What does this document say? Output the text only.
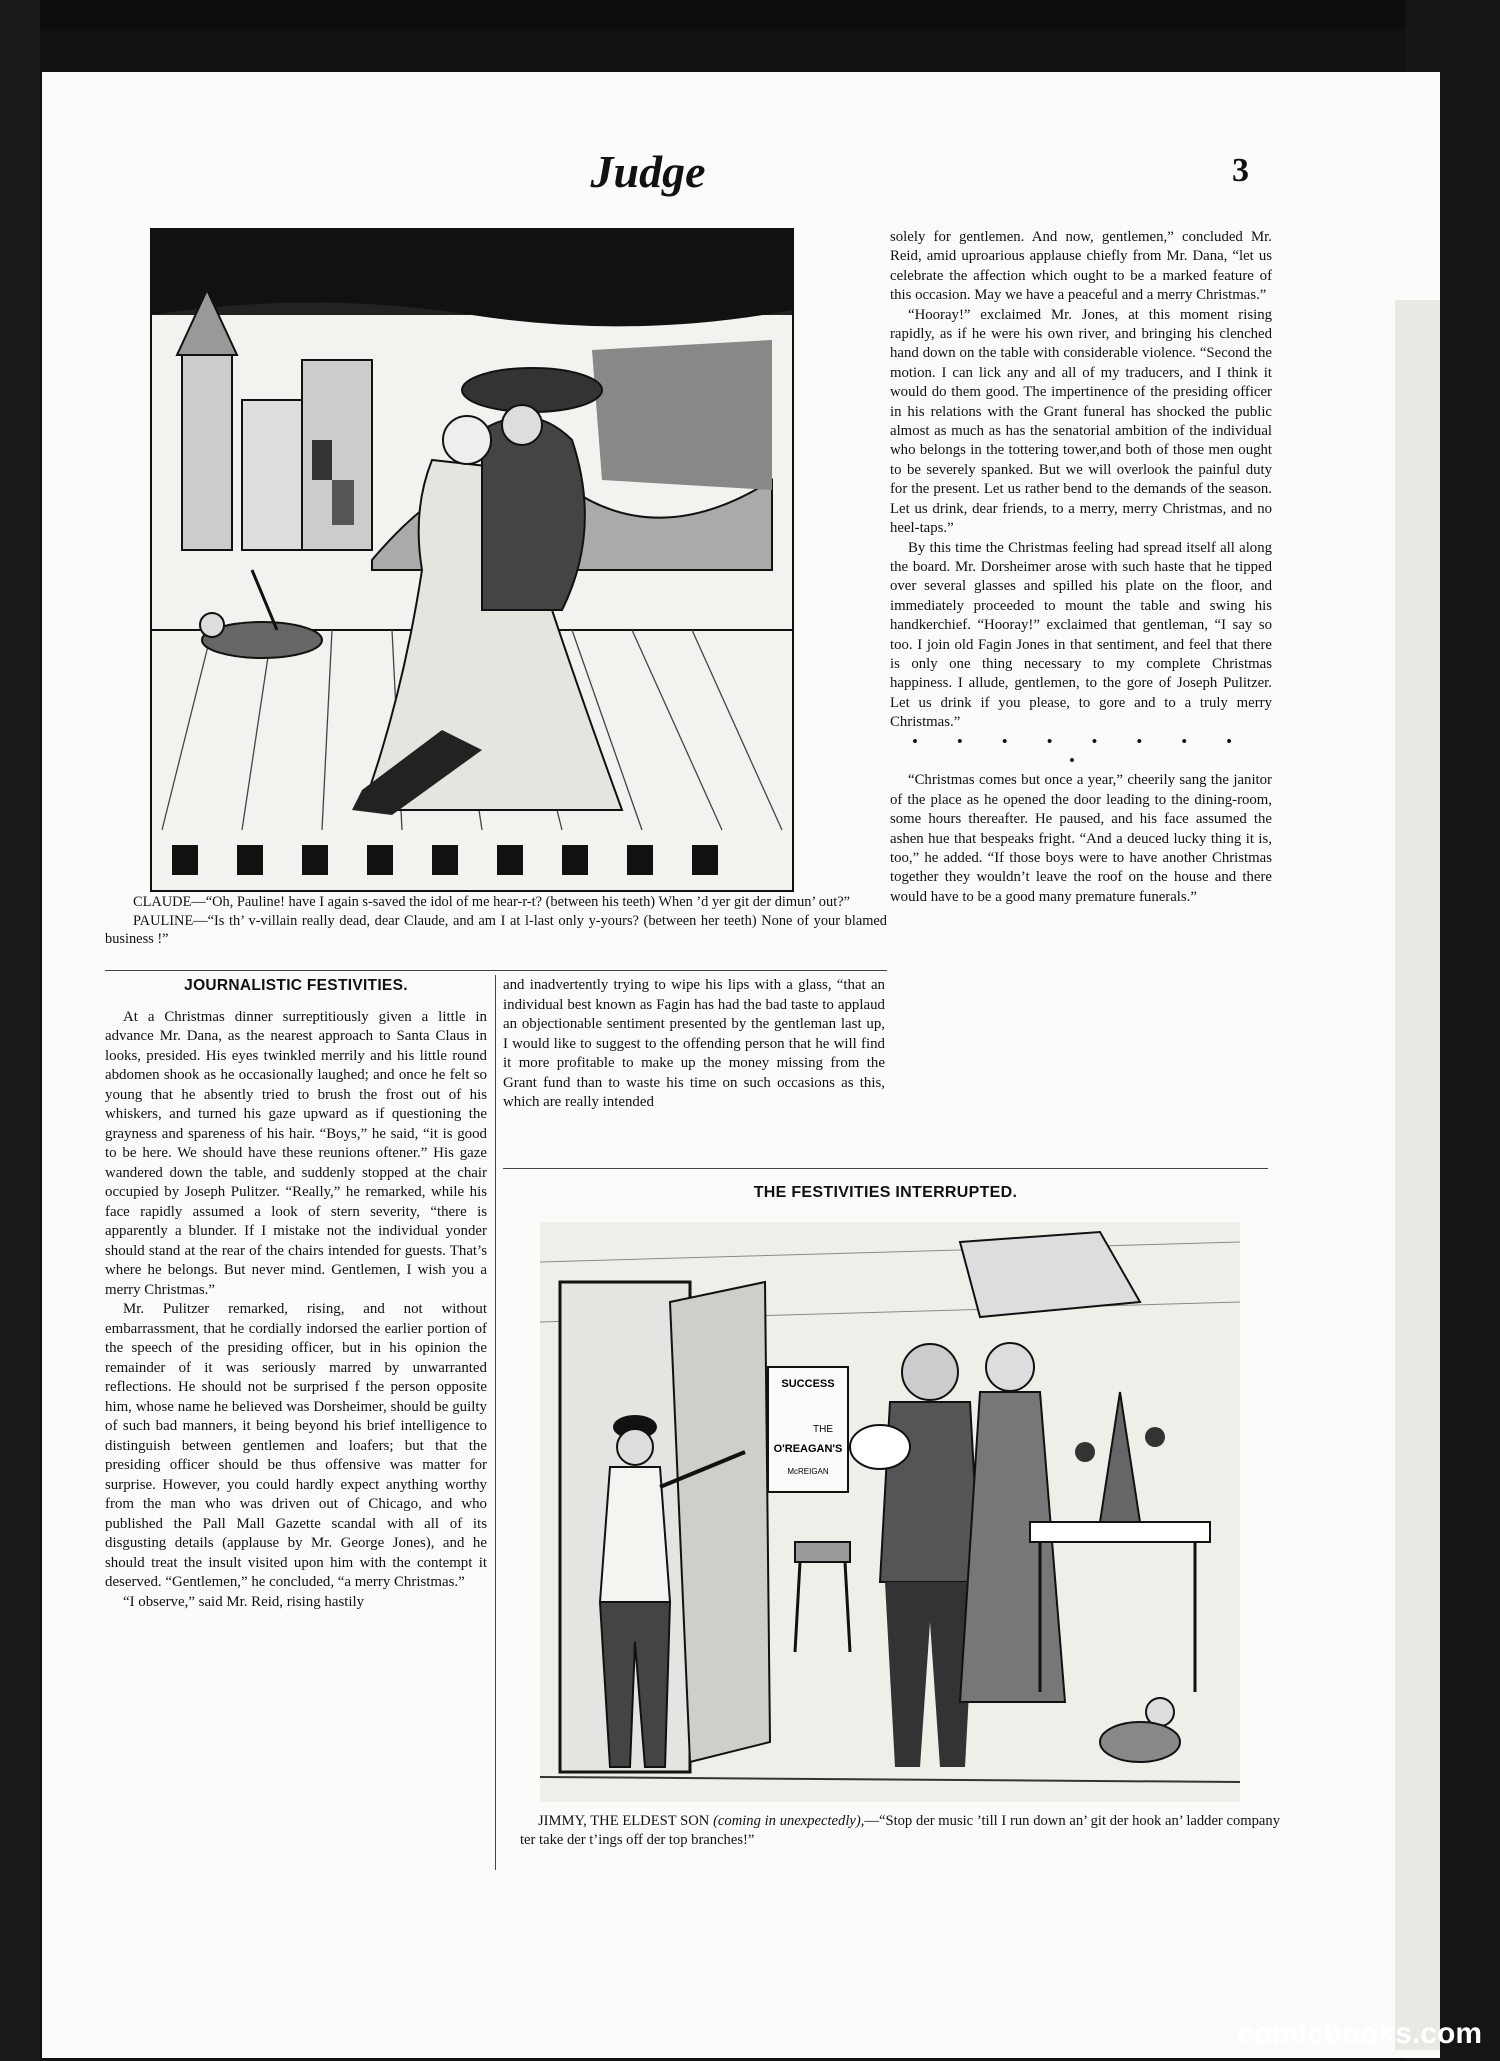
Judge	3
CLAUDE—“Oh, Pauline! have I again s-saved the idol of me hear-r-t? (between his teeth) When ’d yer git der dimun’ out?”
PAULINE—“Is th’ v-villain really dead, dear Claude, and am I at l-last only y-yours? (between her teeth) None of your blamed business !”

solely for gentlemen. And now, gentlemen,” concluded Mr. Reid, amid uproarious applause chiefly from Mr. Dana, “let us celebrate the affection which ought to be a marked feature of this occasion. May we have a peaceful and a merry Christmas.”

“Hooray!” exclaimed Mr. Jones, at this moment rising rapidly, as if he were his own river, and bringing his clenched hand down on the table with considerable violence. “Second the motion. I can lick any and all of my traducers, and I think it would do them good. The impertinence of the presiding officer in his relations with the Grant funeral has shocked the public almost as much as has the senatorial ambition of the individual who belongs in the tottering tower,and both of those men ought to be severely spanked. But we will overlook the painful duty for the present. Let us rather bend to the demands of the season. Let us drink, dear friends, to a merry, merry Christmas, and no heel-taps.”

By this time the Christmas feeling had spread itself all along the board. Mr. Dorsheimer arose with such haste that he tipped over several glasses and spilled his plate on the floor, and immediately proceeded to mount the table and swing his handkerchief. “Hooray!” exclaimed that gentleman, “I say so too. I join old Fagin Jones in that sentiment, and feel that there is only one thing necessary to my complete Christmas happiness. I allude, gentlemen, to the gore of Joseph Pulitzer. Let us drink if you please, to gore and to a truly merry Christmas.”

• • • • • • • • •

“Christmas comes but once a year,” cheerily sang the janitor of the place as he opened the door leading to the dining-room, some hours thereafter. He paused, and his face assumed the ashen hue that bespeaks fright. “And a deuced lucky thing it is, too,” he added. “If those boys were to have another Christmas together they wouldn’t leave the roof on the house and there would have to be a good many premature funerals.”

JOURNALISTIC FESTIVITIES.

At a Christmas dinner surreptitiously given a little in advance Mr. Dana, as the nearest approach to Santa Claus in looks, presided. His eyes twinkled merrily and his little round abdomen shook as he occasionally laughed; and once he felt so young that he absently tried to brush the frost out of his whiskers, and turned his gaze upward as if questioning the grayness and spareness of his hair. “Boys,” he said, “it is good to be here. We should have these reunions oftener.” His gaze wandered down the table, and suddenly stopped at the chair occupied by Joseph Pulitzer. “Really,” he remarked, while his face rapidly assumed a look of stern severity, “there is apparently a blunder. If I mistake not the individual yonder should stand at the rear of the chairs intended for guests. That’s where he belongs. But never mind. Gentlemen, I wish you a merry Christmas.”

Mr. Pulitzer remarked, rising, and not without embarrassment, that he cordially indorsed the earlier portion of the speech of the presiding officer, but in his opinion the remainder of it was seriously marred by unwarranted reflections. He should not be surprised f the person opposite him, whose name he believed was Dorsheimer, should be guilty of such bad manners, it being beyond his brief intelligence to distinguish between gentlemen and loafers; but that the presiding officer should be thus offensive was matter for surprise. However, you could hardly expect anything worthy from the man who was driven out of Chicago, and who published the Pall Mall Gazette scandal with all of its disgusting details (applause by Mr. George Jones), and he should treat the insult visited upon him with the contempt it deserved. “Gentlemen,” he concluded, “a merry Christmas.”

“I observe,” said Mr. Reid, rising hastily

and inadvertently trying to wipe his lips with a glass, “that an individual best known as Fagin has had the bad taste to applaud an objectionable sentiment presented by the gentleman last up, I would like to suggest to the offending person that he will find it more profitable to make up the money missing from the Grant fund than to waste his time on such occasions as this, which are really intended

THE FESTIVITIES INTERRUPTED.
SUCCESS
THE
O'REAGAN'S
McREIGAN
JIMMY, THE ELDEST SON (coming in unexpectedly),—“Stop der music ’till I run down an’ git der hook an’ ladder company ter take der t’ings off der top branches!”
comicbooks.com
